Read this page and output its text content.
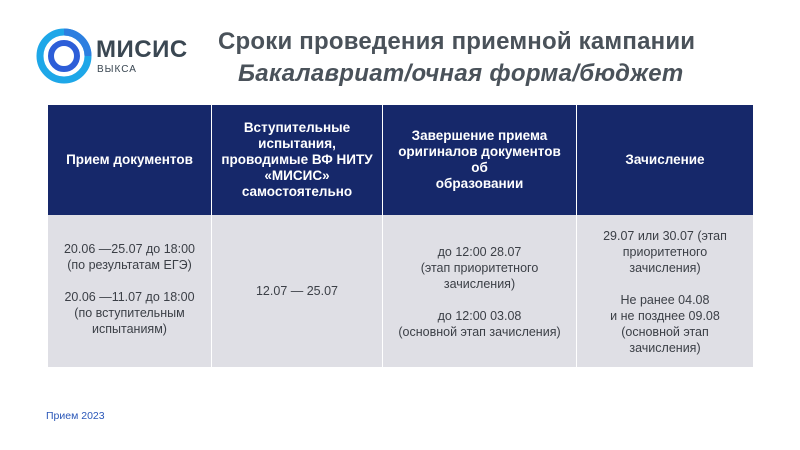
МИСИС
ВЫКСА
Сроки проведения приемной кампании
Бакалавриат/очная форма/бюджет
Прием документов
Вступительные
испытания,
проводимые ВФ НИТУ
«МИСИС»
самостоятельно
Завершение приема
оригиналов документов об
образовании
Зачисление
20.06 —25.07 до 18:00
(по результатам ЕГЭ)
20.06 —11.07 до 18:00
(по вступительным
испытаниям)
12.07 — 25.07
до 12:00 28.07
(этап приоритетного
зачисления)
до 12:00 03.08
(основной этап зачисления)
29.07 или 30.07 (этап
приоритетного
зачисления)
Не ранее 04.08
и не позднее 09.08
(основной этап
зачисления)
Прием 2023
